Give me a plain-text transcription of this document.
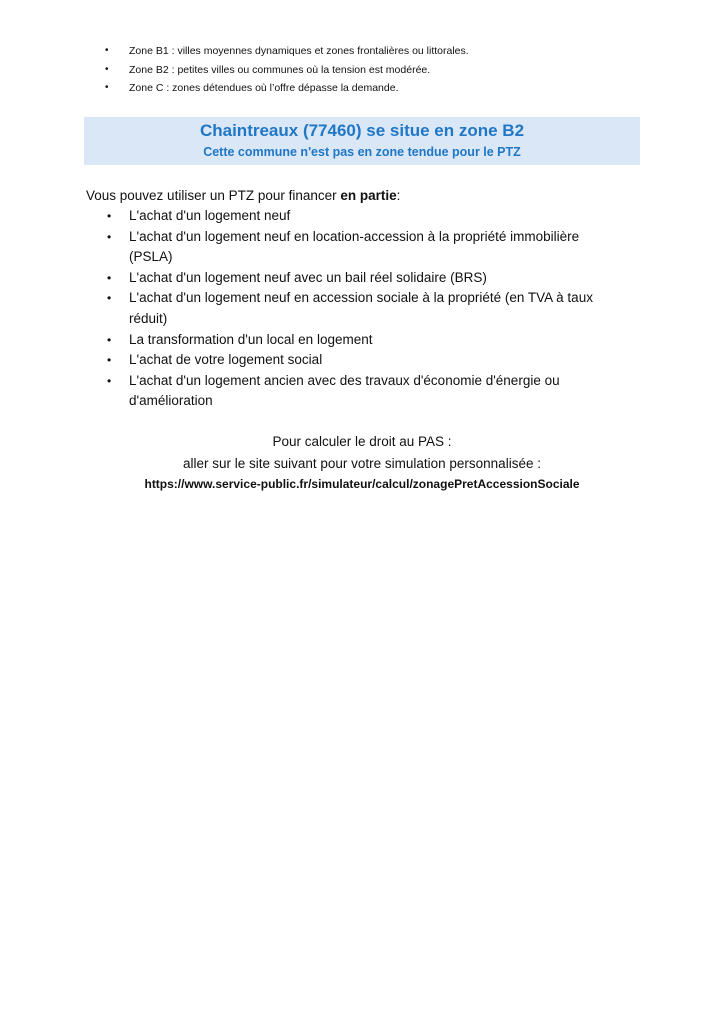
• Zone B1 : villes moyennes dynamiques et zones frontalières ou littorales.
• Zone B2 : petites villes ou communes où la tension est modérée.
• Zone C : zones détendues où l’offre dépasse la demande.
Chaintreaux (77460) se situe en zone B2
Cette commune n'est pas en zone tendue pour le PTZ
Vous pouvez utiliser un PTZ pour financer en partie:
• L'achat d'un logement neuf
• L'achat d'un logement neuf en location-accession à la propriété immobilière (PSLA)
• L'achat d'un logement neuf avec un bail réel solidaire (BRS)
• L'achat d'un logement neuf en accession sociale à la propriété (en TVA à taux réduit)
• La transformation d'un local en logement
• L'achat de votre logement social
• L'achat d'un logement ancien avec des travaux d'économie d'énergie ou d'amélioration
Pour calculer le droit au PAS :
aller sur le site suivant pour votre simulation personnalisée :
https://www.service-public.fr/simulateur/calcul/zonagePretAccessionSociale
